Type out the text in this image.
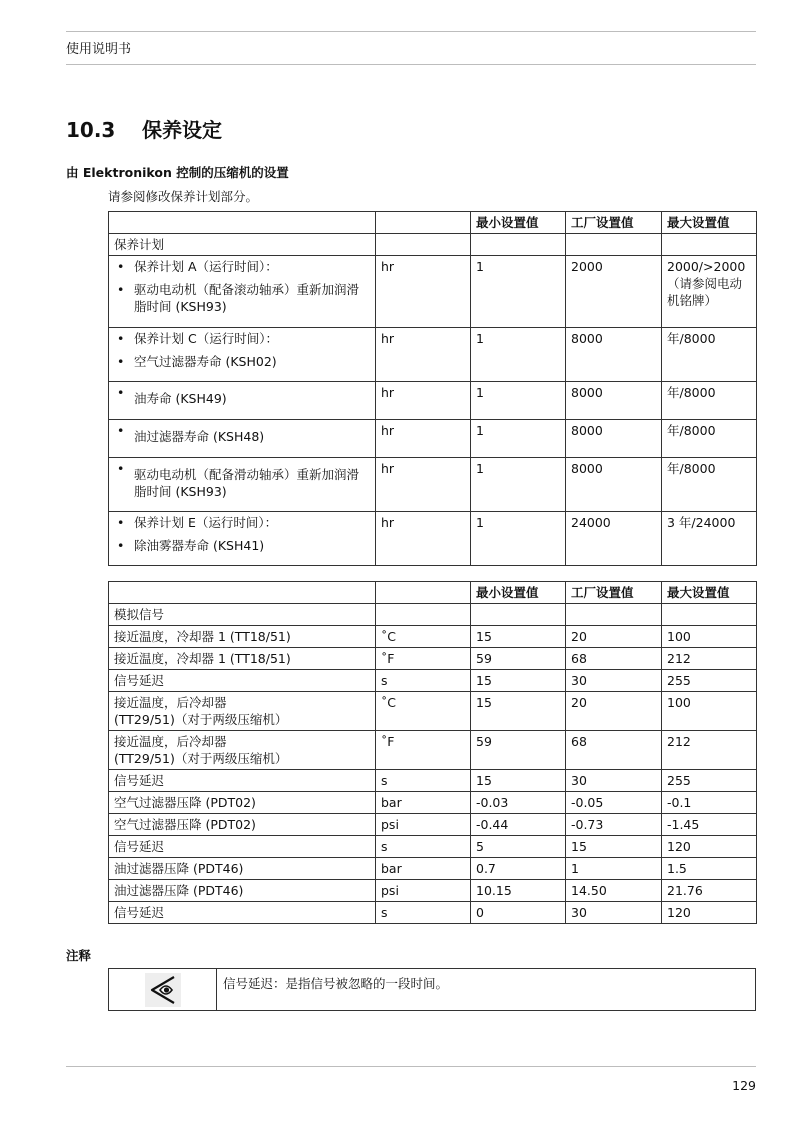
使用说明书
10.3 保养设定
由 Elektronikon 控制的压缩机的设置
请参阅修改保养计划部分。
		最小设置值	工厂设置值	最大设置值
保养计划				

• 保养计划 A（运行时间）：
• 驱动电动机（配备滚动轴承）重新加润滑脂时间 (KSH93)	hr	1	2000	2000/>2000（请参阅电动机铭牌）

• 保养计划 C（运行时间）：
• 空气过滤器寿命 (KSH02)	hr	1	8000	年/8000

• 油寿命 (KSH49)	hr	1	8000	年/8000

• 油过滤器寿命 (KSH48)	hr	1	8000	年/8000

• 驱动电动机（配备滑动轴承）重新加润滑脂时间 (KSH93)	hr	1	8000	年/8000

• 保养计划 E（运行时间）：
• 除油雾器寿命 (KSH41)	hr	1	24000	3 年/24000
		最小设置值	工厂设置值	最大设置值
模拟信号				
接近温度，冷却器 1 (TT18/51)	˚C	15	20	100
接近温度，冷却器 1 (TT18/51)	˚F	59	68	212
信号延迟	s	15	30	255
接近温度，后冷却器
(TT29/51)（对于两级压缩机）	˚C	15	20	100
接近温度，后冷却器
(TT29/51)（对于两级压缩机）	˚F	59	68	212
信号延迟	s	15	30	255
空气过滤器压降 (PDT02)	bar	-0.03	-0.05	-0.1
空气过滤器压降 (PDT02)	psi	-0.44	-0.73	-1.45
信号延迟	s	5	15	120
油过滤器压降 (PDT46)	bar	0.7	1	1.5
油过滤器压降 (PDT46)	psi	10.15	14.50	21.76
信号延迟	s	0	30	120
注释
信号延迟：是指信号被忽略的一段时间。
129
